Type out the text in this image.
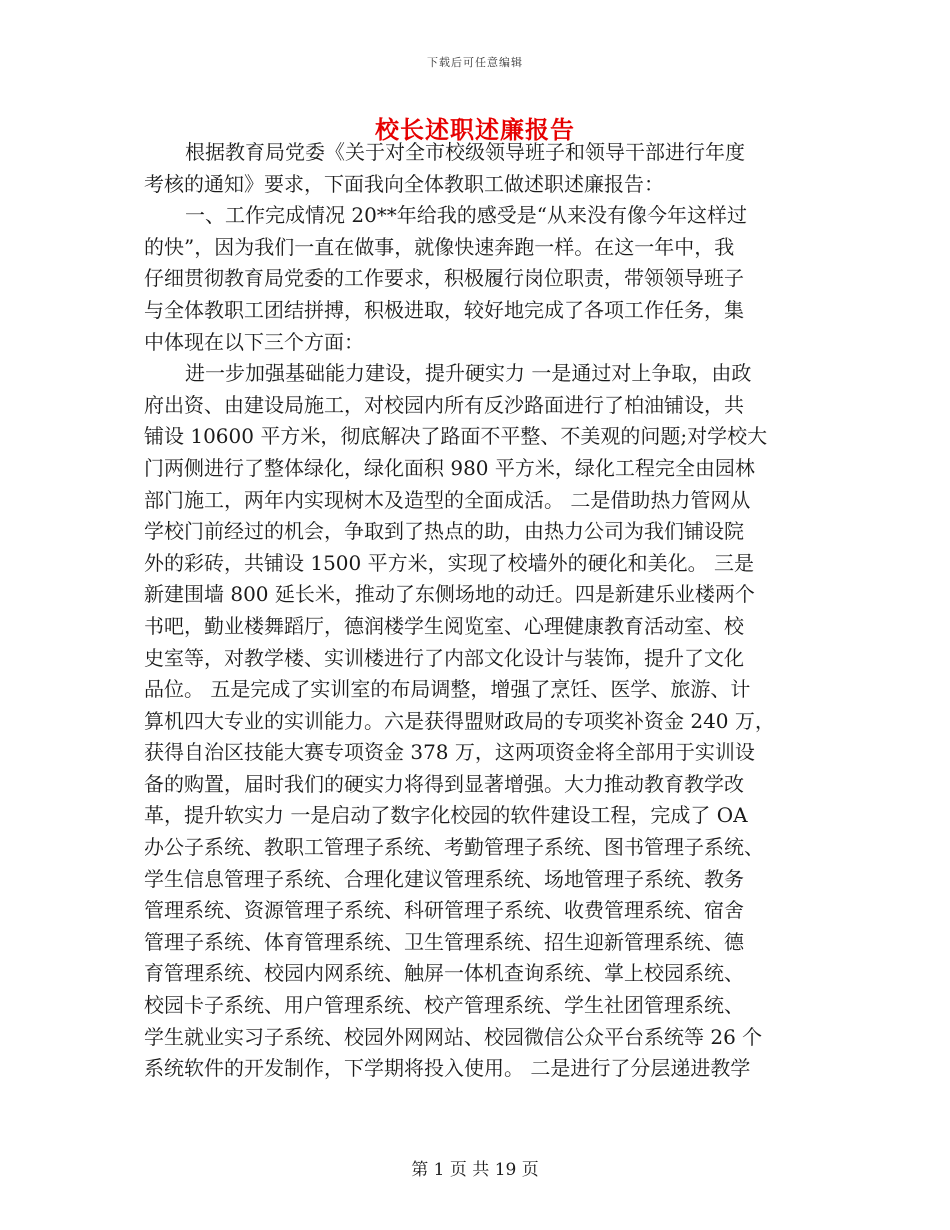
下载后可任意编辑
校长述职述廉报告
根据教育局党委《关于对全市校级领导班子和领导干部进行年度
考核的通知》要求，下面我向全体教职工做述职述廉报告：
一、工作完成情况 20**年给我的感受是“从来没有像今年这样过
的快”，因为我们一直在做事，就像快速奔跑一样。在这一年中，我
仔细贯彻教育局党委的工作要求，积极履行岗位职责，带领领导班子
与全体教职工团结拼搏，积极进取，较好地完成了各项工作任务，集
中体现在以下三个方面：
进一步加强基础能力建设，提升硬实力 一是通过对上争取，由政
府出资、由建设局施工，对校园内所有反沙路面进行了柏油铺设，共
铺设 10600 平方米，彻底解决了路面不平整、不美观的问题;对学校大
门两侧进行了整体绿化，绿化面积 980 平方米，绿化工程完全由园林
部门施工，两年内实现树木及造型的全面成活。 二是借助热力管网从
学校门前经过的机会，争取到了热点的助，由热力公司为我们铺设院
外的彩砖，共铺设 1500 平方米，实现了校墙外的硬化和美化。 三是
新建围墙 800 延长米，推动了东侧场地的动迁。四是新建乐业楼两个
书吧，勤业楼舞蹈厅，德润楼学生阅览室、心理健康教育活动室、校
史室等，对教学楼、实训楼进行了内部文化设计与装饰，提升了文化
品位。 五是完成了实训室的布局调整，增强了烹饪、医学、旅游、计
算机四大专业的实训能力。六是获得盟财政局的专项奖补资金 240 万，
获得自治区技能大赛专项资金 378 万，这两项资金将全部用于实训设
备的购置，届时我们的硬实力将得到显著增强。大力推动教育教学改
革，提升软实力 一是启动了数字化校园的软件建设工程，完成了 OA
办公子系统、教职工管理子系统、考勤管理子系统、图书管理子系统、
学生信息管理子系统、合理化建议管理系统、场地管理子系统、教务
管理系统、资源管理子系统、科研管理子系统、收费管理系统、宿舍
管理子系统、体育管理系统、卫生管理系统、招生迎新管理系统、德
育管理系统、校园内网系统、触屏一体机查询系统、掌上校园系统、
校园卡子系统、用户管理系统、校产管理系统、学生社团管理系统、
学生就业实习子系统、校园外网网站、校园微信公众平台系统等 26 个
系统软件的开发制作，下学期将投入使用。 二是进行了分层递进教学
第 1 页 共 19 页
